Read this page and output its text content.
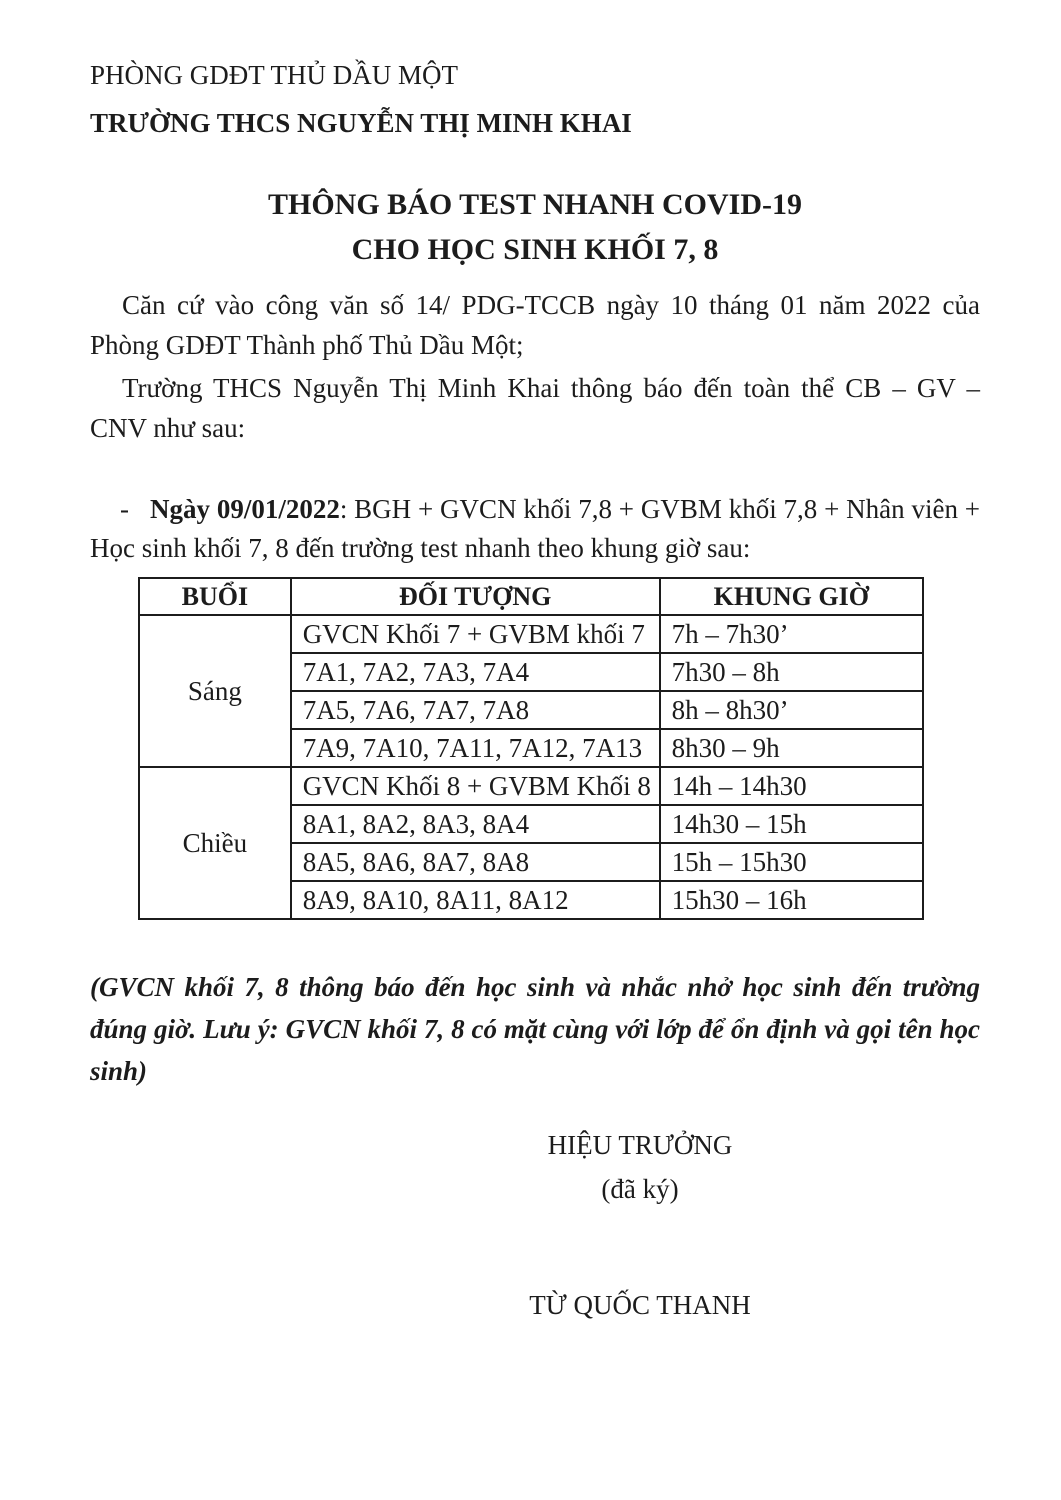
PHÒNG GDĐT THỦ DẦU MỘT
TRƯỜNG THCS NGUYỄN THỊ MINH KHAI
THÔNG BÁO TEST NHANH COVID-19
CHO HỌC SINH KHỐI 7, 8

Căn cứ vào công văn số 14/ PDG-TCCB ngày 10 tháng 01 năm 2022 của Phòng GDĐT Thành phố Thủ Dầu Một;

Trường THCS Nguyễn Thị Minh Khai thông báo đến toàn thể CB – GV – CNV như sau:

- Ngày 09/01/2022: BGH + GVCN khối 7,8 + GVBM khối 7,8 + Nhân viên + Học sinh khối 7, 8 đến trường test nhanh theo khung giờ sau:

BUỔI	ĐỐI TƯỢNG	KHUNG GIỜ
Sáng	GVCN Khối 7 + GVBM khối 7	7h – 7h30’
	7A1, 7A2, 7A3, 7A4	7h30 – 8h
	7A5, 7A6, 7A7, 7A8	8h – 8h30’
	7A9, 7A10, 7A11, 7A12, 7A13	8h30 – 9h
Chiều	GVCN Khối 8 + GVBM Khối 8	14h – 14h30
	8A1, 8A2, 8A3, 8A4	14h30 – 15h
	8A5, 8A6, 8A7, 8A8	15h – 15h30
	8A9, 8A10, 8A11, 8A12	15h30 – 16h

(GVCN khối 7, 8 thông báo đến học sinh và nhắc nhở học sinh đến trường đúng giờ. Lưu ý: GVCN khối 7, 8 có mặt cùng với lớp để ổn định và gọi tên học sinh)

HIỆU TRƯỞNG
(đã ký)
TỪ QUỐC THANH
